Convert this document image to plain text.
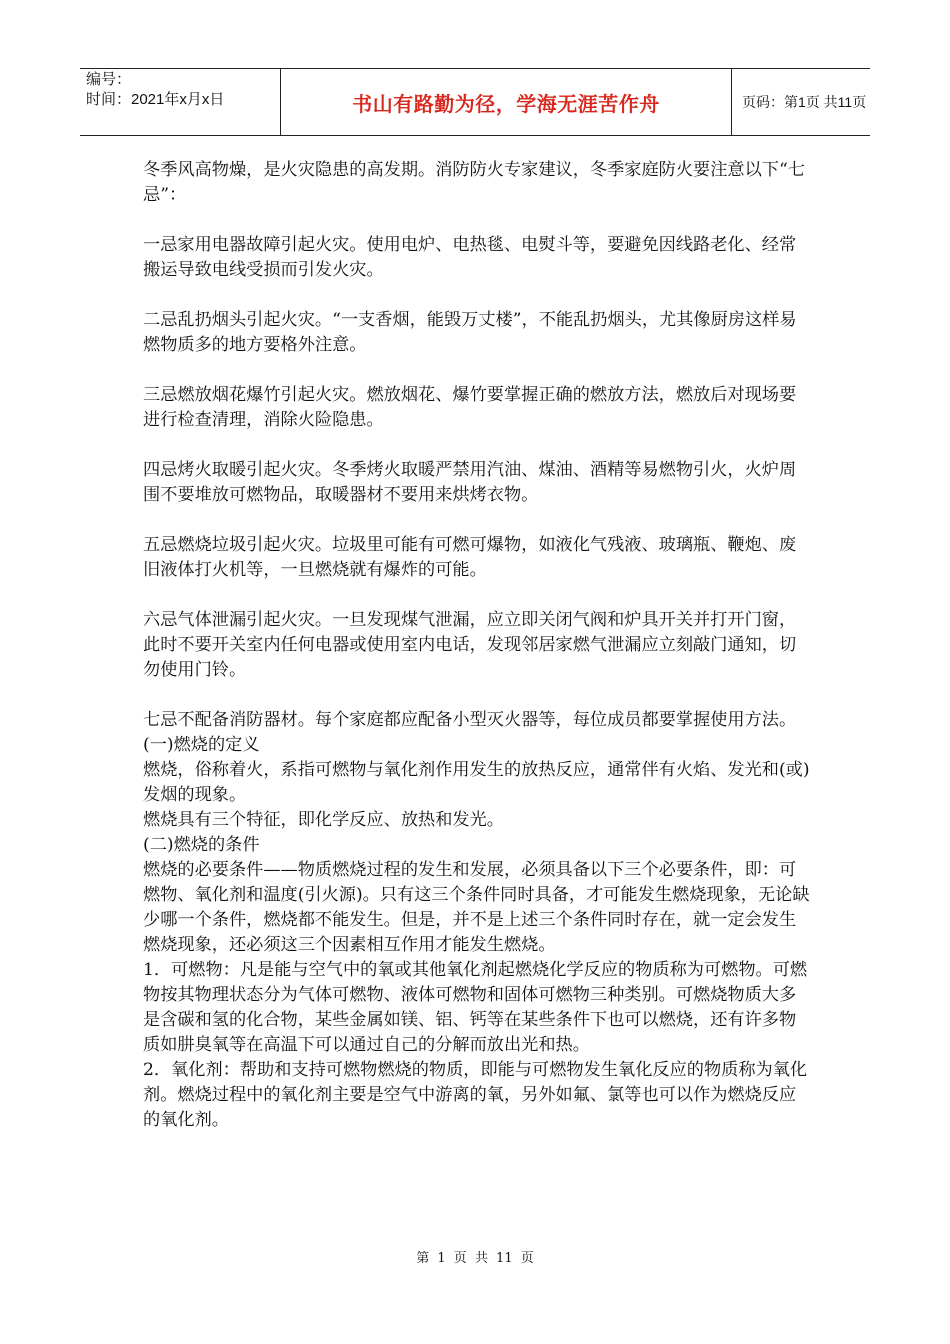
编号：
时间：2021年x月x日	书山有路勤为径，学海无涯苦作舟	页码：第1页 共11页

冬季风高物燥，是火灾隐患的高发期。消防防火专家建议，冬季家庭防火要注意以下“七忌”：

一忌家用电器故障引起火灾。使用电炉、电热毯、电熨斗等，要避免因线路老化、经常搬运导致电线受损而引发火灾。

二忌乱扔烟头引起火灾。“一支香烟，能毁万丈楼”，不能乱扔烟头，尤其像厨房这样易燃物质多的地方要格外注意。

三忌燃放烟花爆竹引起火灾。燃放烟花、爆竹要掌握正确的燃放方法，燃放后对现场要进行检查清理，消除火险隐患。

四忌烤火取暖引起火灾。冬季烤火取暖严禁用汽油、煤油、酒精等易燃物引火，火炉周围不要堆放可燃物品，取暖器材不要用来烘烤衣物。

五忌燃烧垃圾引起火灾。垃圾里可能有可燃可爆物，如液化气残液、玻璃瓶、鞭炮、废旧液体打火机等，一旦燃烧就有爆炸的可能。

六忌气体泄漏引起火灾。一旦发现煤气泄漏，应立即关闭气阀和炉具开关并打开门窗，此时不要开关室内任何电器或使用室内电话，发现邻居家燃气泄漏应立刻敲门通知，切勿使用门铃。

七忌不配备消防器材。每个家庭都应配备小型灭火器等，每位成员都要掌握使用方法。

(一)燃烧的定义

燃烧，俗称着火，系指可燃物与氧化剂作用发生的放热反应，通常伴有火焰、发光和(或)发烟的现象。

燃烧具有三个特征，即化学反应、放热和发光。

(二)燃烧的条件

燃烧的必要条件——物质燃烧过程的发生和发展，必须具备以下三个必要条件，即：可燃物、氧化剂和温度(引火源)。只有这三个条件同时具备，才可能发生燃烧现象，无论缺少哪一个条件，燃烧都不能发生。但是，并不是上述三个条件同时存在，就一定会发生燃烧现象，还必须这三个因素相互作用才能发生燃烧。

1．可燃物：凡是能与空气中的氧或其他氧化剂起燃烧化学反应的物质称为可燃物。可燃物按其物理状态分为气体可燃物、液体可燃物和固体可燃物三种类别。可燃烧物质大多是含碳和氢的化合物，某些金属如镁、铝、钙等在某些条件下也可以燃烧，还有许多物质如肼臭氧等在高温下可以通过自己的分解而放出光和热。

2．氧化剂：帮助和支持可燃物燃烧的物质，即能与可燃物发生氧化反应的物质称为氧化剂。燃烧过程中的氧化剂主要是空气中游离的氧，另外如氟、氯等也可以作为燃烧反应的氧化剂。

第 1 页 共 11 页
